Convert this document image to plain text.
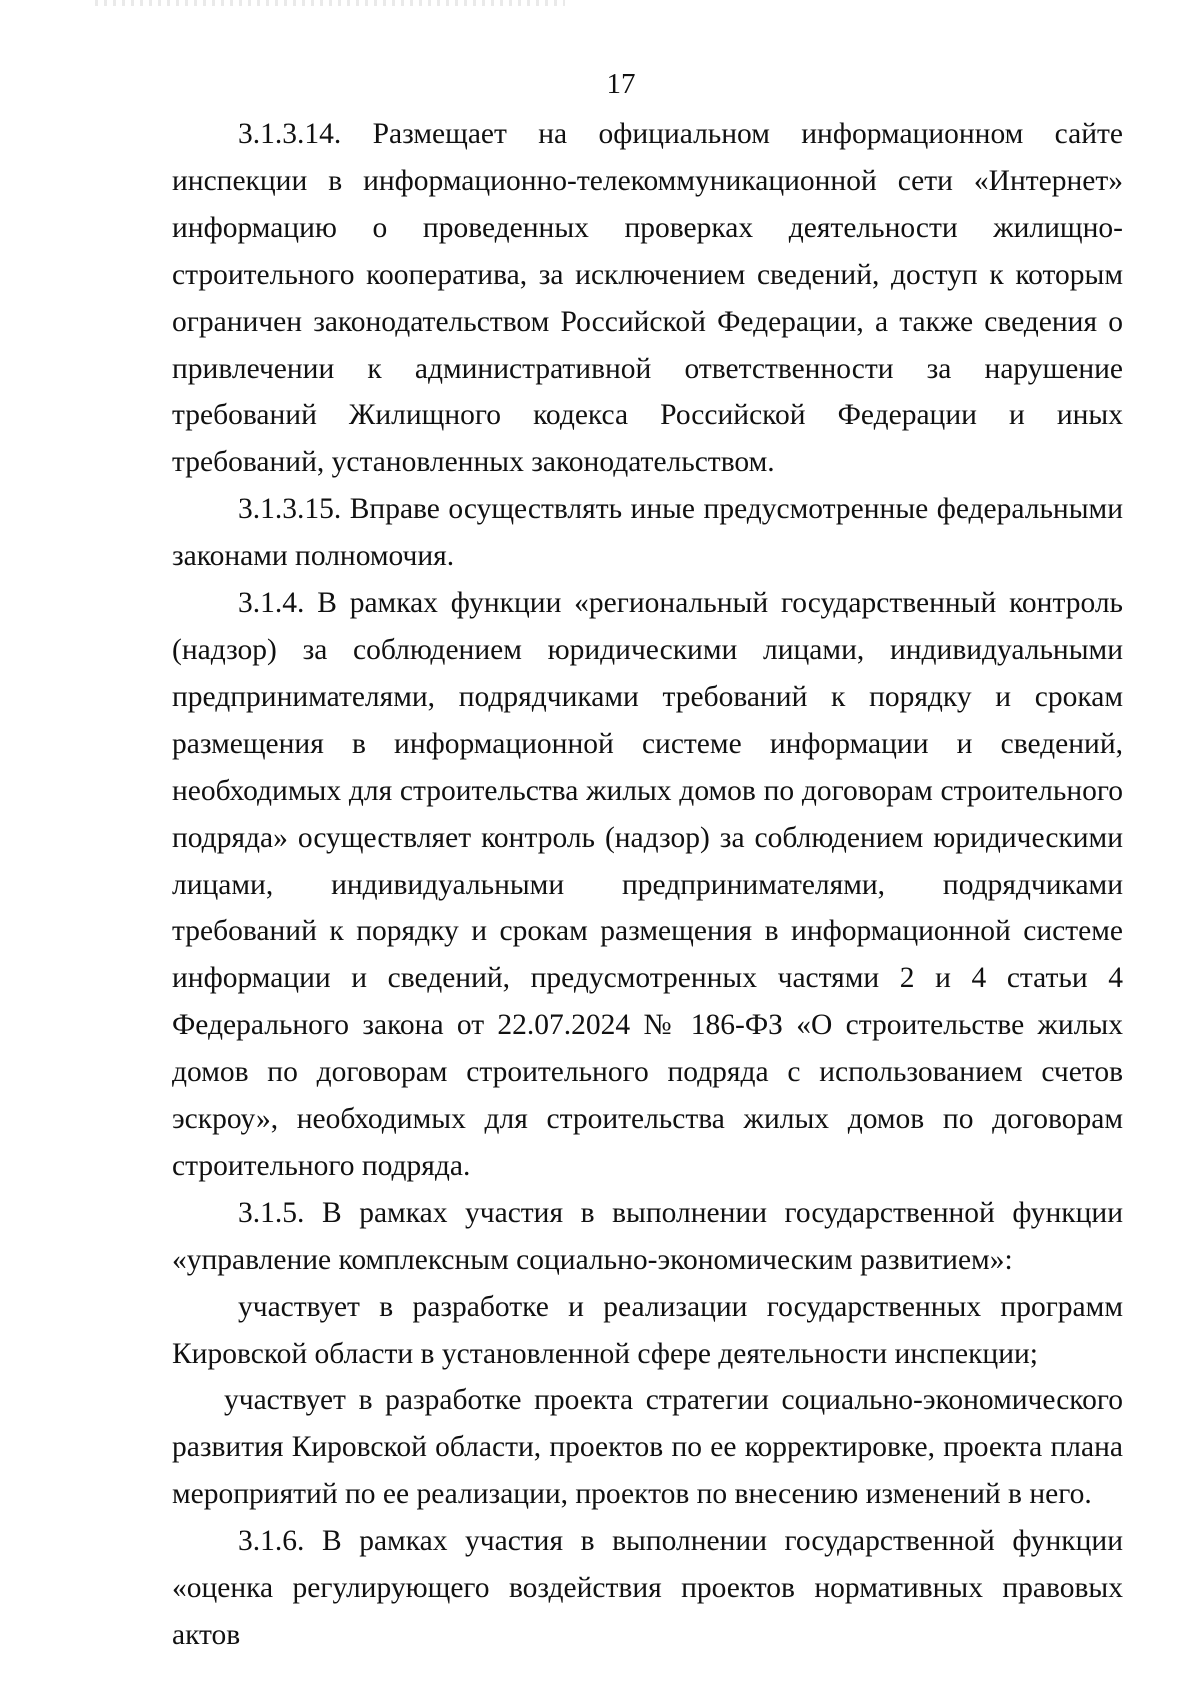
17

3.1.3.14. Размещает на официальном информационном сайте инспекции в информационно-телекоммуникационной сети «Интернет» информацию о проведенных проверках деятельности жилищно-строительного кооператива, за исключением сведений, доступ к которым ограничен законодательством Российской Федерации, а также сведения о привлечении к административной ответственности за нарушение требований Жилищного кодекса Российской Федерации и иных требований, установленных законодательством.

3.1.3.15. Вправе осуществлять иные предусмотренные федеральными законами полномочия.

3.1.4. В рамках функции «региональный государственный контроль (надзор) за соблюдением юридическими лицами, индивидуальными предпринимателями, подрядчиками требований к порядку и срокам размещения в информационной системе информации и сведений, необходимых для строительства жилых домов по договорам строительного подряда» осуществляет контроль (надзор) за соблюдением юридическими лицами, индивидуальными предпринимателями, подрядчиками требований к порядку и срокам размещения в информационной системе информации и сведений, предусмотренных частями 2 и 4 статьи 4 Федерального закона от 22.07.2024 № 186-ФЗ «О строительстве жилых домов по договорам строительного подряда с использованием счетов эскроу», необходимых для строительства жилых домов по договорам строительного подряда.

3.1.5. В рамках участия в выполнении государственной функции «управление комплексным социально-экономическим развитием»:

участвует в разработке и реализации государственных программ Кировской области в установленной сфере деятельности инспекции;

участвует в разработке проекта стратегии социально-экономического развития Кировской области, проектов по ее корректировке, проекта плана мероприятий по ее реализации, проектов по внесению изменений в него.

3.1.6. В рамках участия в выполнении государственной функции «оценка регулирующего воздействия проектов нормативных правовых актов
